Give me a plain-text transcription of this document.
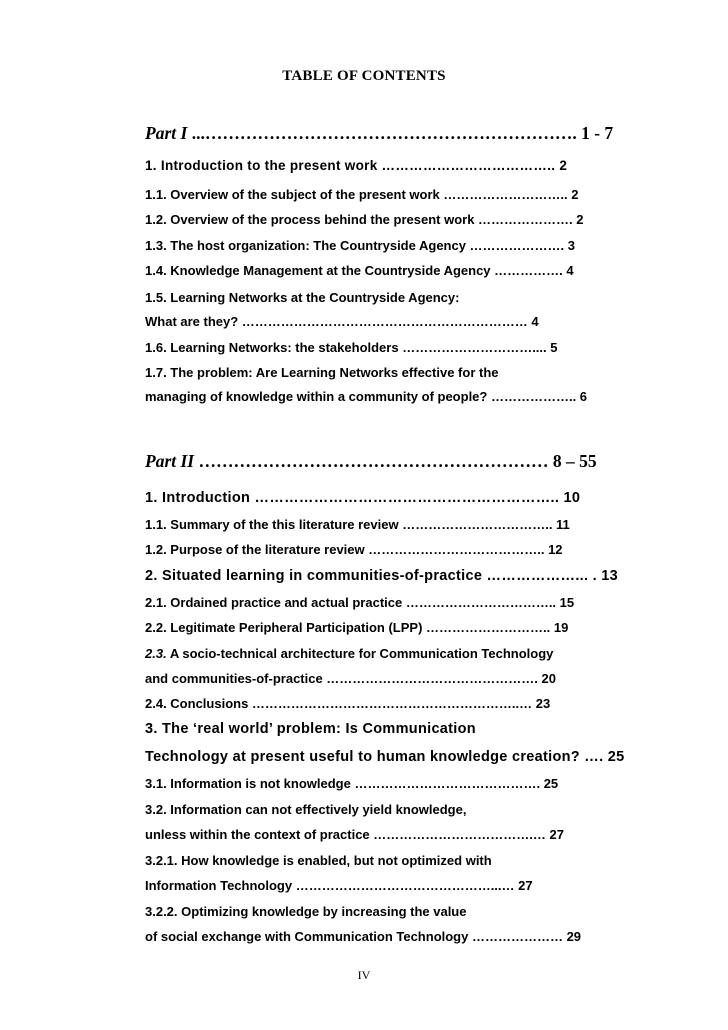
TABLE OF CONTENTS
Part I ...………………………………………………………. 1 - 7
1. Introduction to the present work ……………………………….. 2
1.1. Overview of the subject of the present work ……………………….. 2
1.2. Overview of the process behind the present work …………………. 2
1.3. The host organization: The Countryside Agency …………………. 3
1.4. Knowledge Management at the Countryside Agency ……………. 4
1.5. Learning Networks at the Countryside Agency:
What are they? ………………………………………………………… 4
1.6. Learning Networks: the stakeholders ………………………….... 5
1.7. The problem: Are Learning Networks effective for the
managing of knowledge within a community of people? ……………….. 6
Part II …………………………………………………… 8 – 55
1. Introduction …………………………………………………….. 10
1.1. Summary of the this literature review …………………………….. 11
1.2. Purpose of the literature review ………………………………….. 12
2. Situated learning in communities-of-practice ………………... . 13
2.1. Ordained practice and actual practice …………………………….. 15
2.2. Legitimate Peripheral Participation (LPP) ……………………….. 19
2.3. A socio-technical architecture for Communication Technology
and communities-of-practice …………………………………………. 20
2.4. Conclusions ……………………………………………………..… 23
3. The ‘real world’ problem: Is Communication
Technology at present useful to human knowledge creation? …. 25
3.1. Information is not knowledge ……………………………………. 25
3.2. Information can not effectively yield knowledge,
unless within the context of practice ……………………………….… 27
3.2.1. How knowledge is enabled, but not optimized with
Information Technology ………………………………………...… 27
3.2.2. Optimizing knowledge by increasing the value
of social exchange with Communication Technology ………………… 29
IV
